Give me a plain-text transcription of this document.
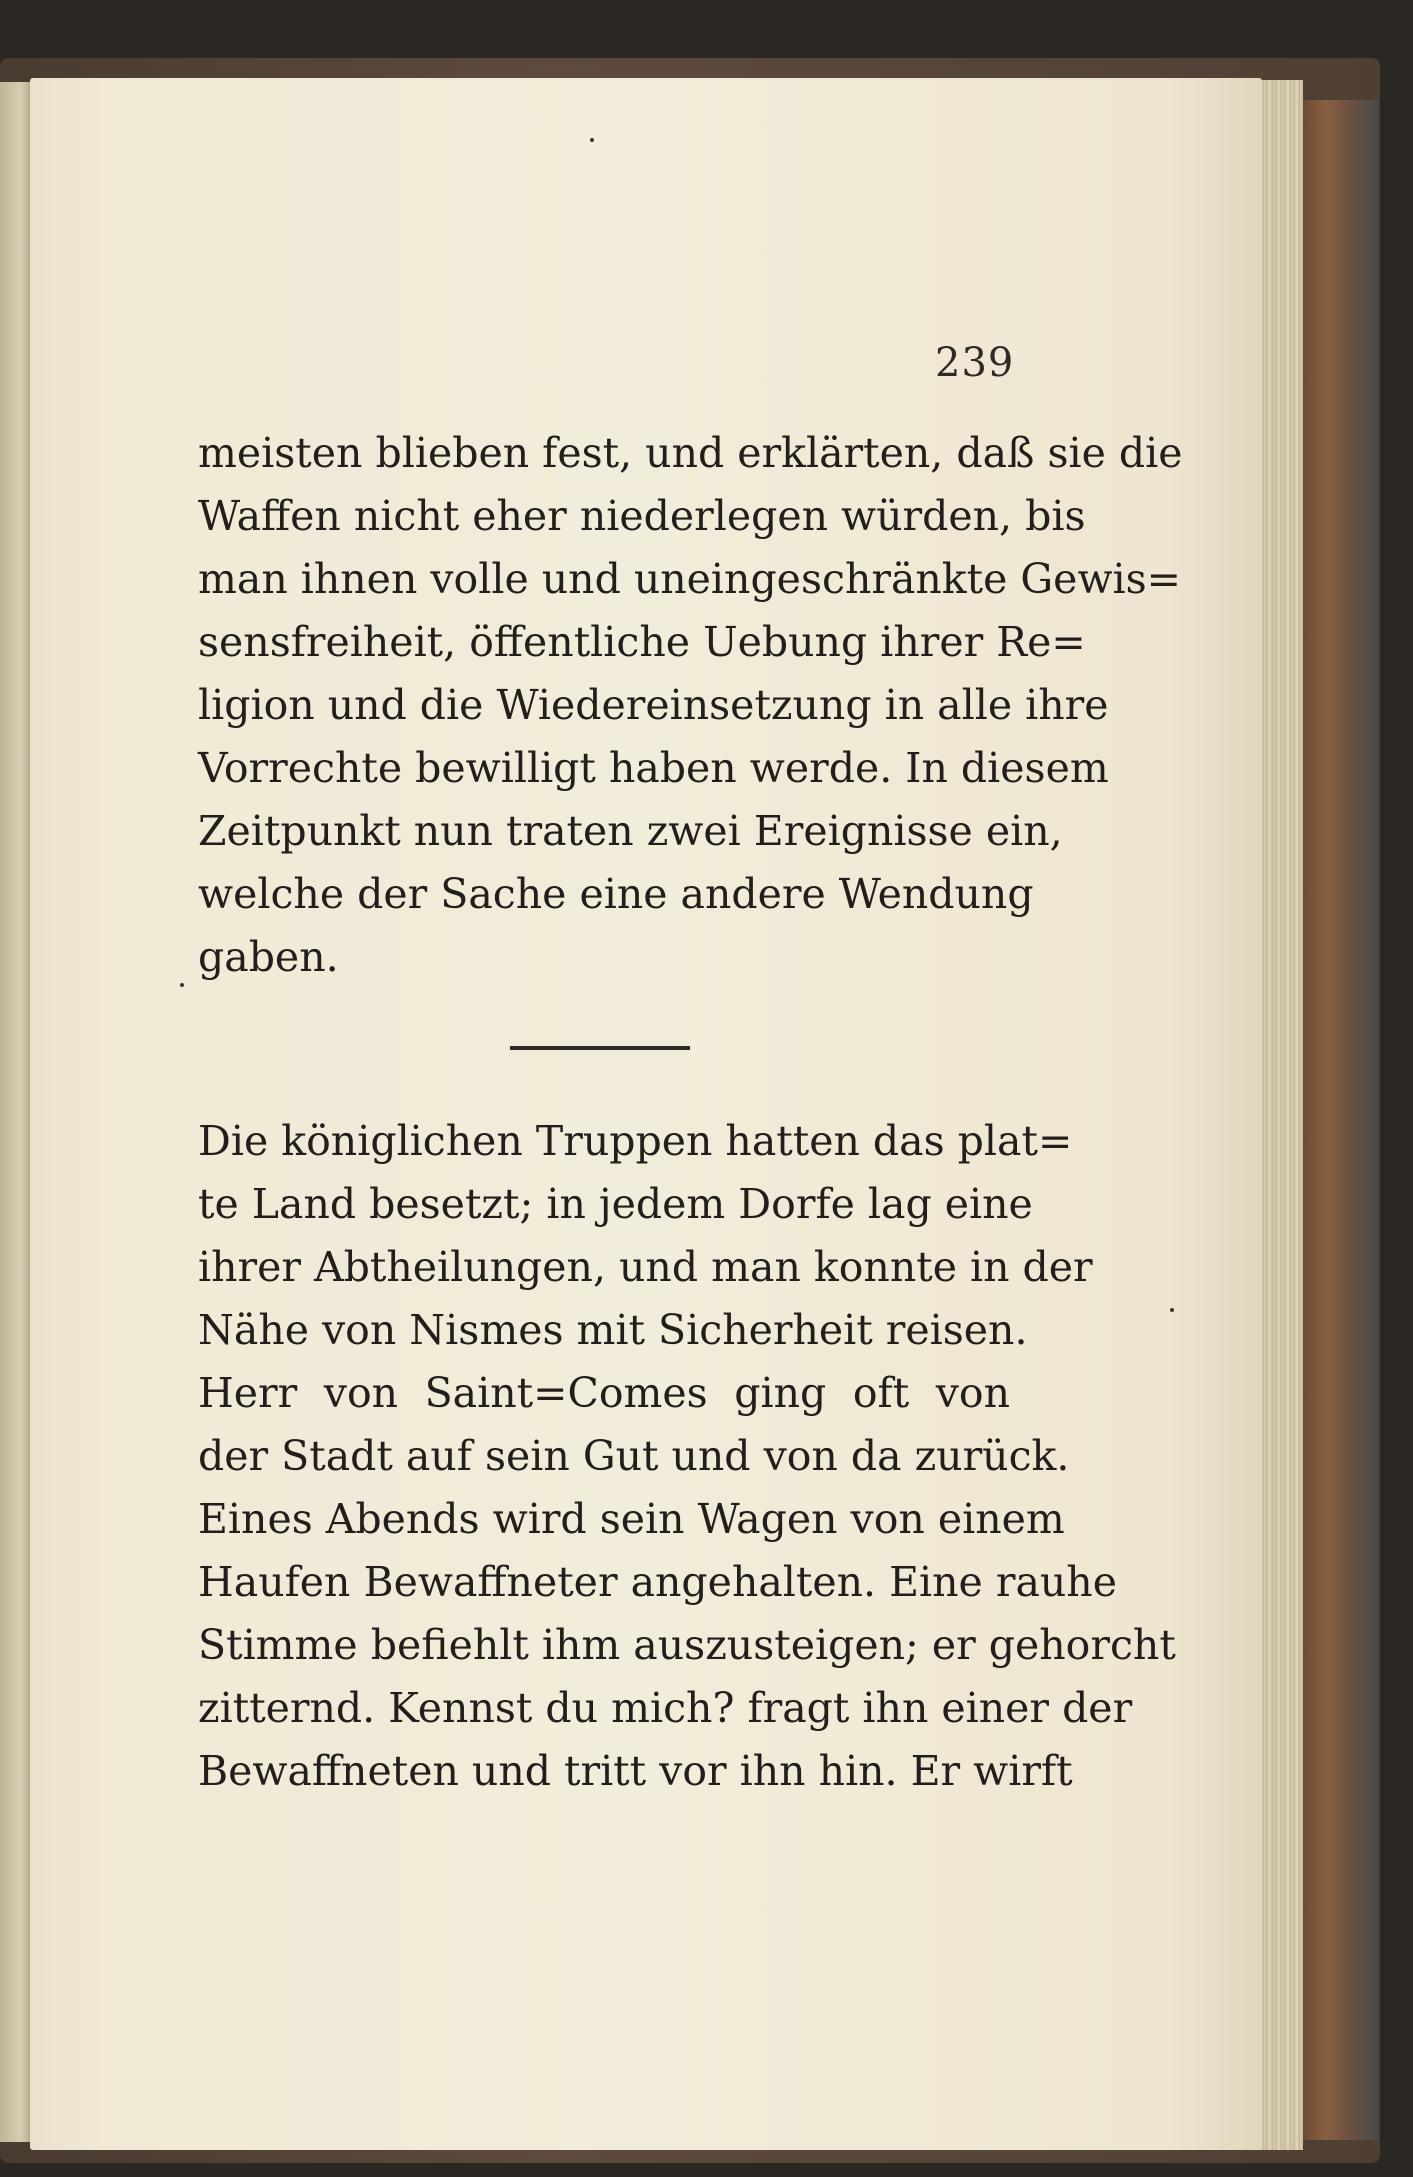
239

meisten blieben fest, und erklärten, daß sie die
Waffen nicht eher niederlegen würden, bis
man ihnen volle und uneingeschränkte Gewis=
sensfreiheit, öffentliche Uebung ihrer Re=
ligion und die Wiedereinsetzung in alle ihre
Vorrechte bewilligt haben werde. In diesem
Zeitpunkt nun traten zwei Ereignisse ein,
welche der Sache eine andere Wendung
gaben.

Die königlichen Truppen hatten das plat=
te Land besetzt; in jedem Dorfe lag eine
ihrer Abtheilungen, und man konnte in der
Nähe von Nismes mit Sicherheit reisen.
Herr von Saint=Comes ging oft von
der Stadt auf sein Gut und von da zurück.
Eines Abends wird sein Wagen von einem
Haufen Bewaffneter angehalten. Eine rauhe
Stimme befiehlt ihm auszusteigen; er gehorcht
zitternd. Kennst du mich? fragt ihn einer der
Bewaffneten und tritt vor ihn hin. Er wirft
